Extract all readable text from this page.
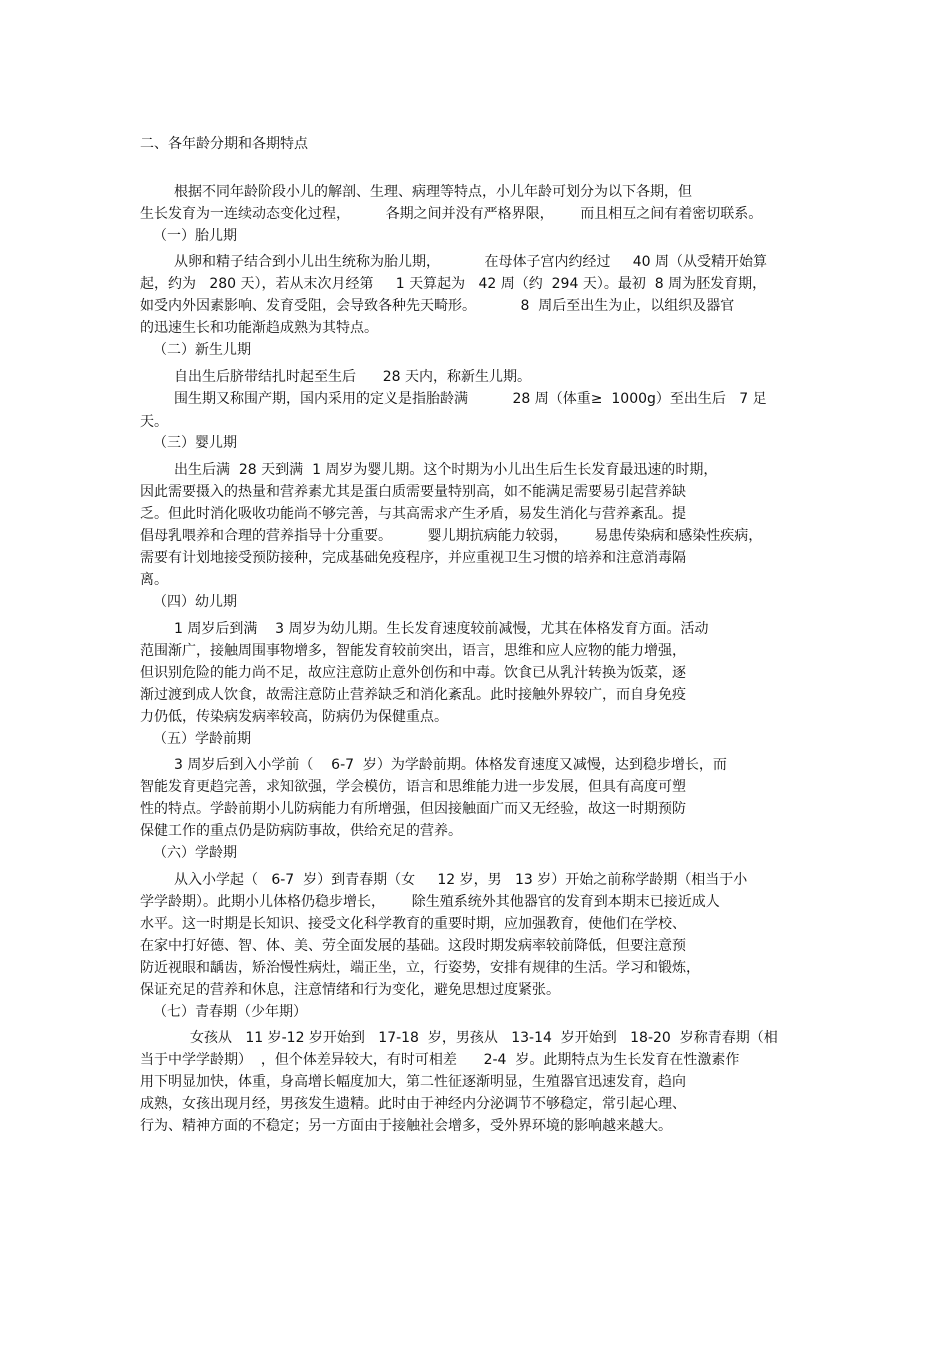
二、各年龄分期和各期特点
根据不同年龄阶段小儿的解剖、生理、病理等特点，小儿年龄可划分为以下各期，但
生长发育为一连续动态变化过程，        各期之间并没有严格界限，      而且相互之间有着密切联系。
（一）胎儿期
从卵和精子结合到小儿出生统称为胎儿期，          在母体子宫内约经过     40 周（从受精开始算
起，约为   280 天），若从末次月经第     1 天算起为   42 周（约  294 天）。最初  8 周为胚发育期，
如受内外因素影响、发育受阻，会导致各种先天畸形。          8  周后至出生为止，以组织及器官
的迅速生长和功能渐趋成熟为其特点。
（二）新生儿期
自出生后脐带结扎时起至生后      28 天内，称新生儿期。
围生期又称围产期，国内采用的定义是指胎龄满          28 周（体重≥  1000g）至出生后   7 足
天。
（三）婴儿期
出生后满  28 天到满  1 周岁为婴儿期。这个时期为小儿出生后生长发育最迅速的时期，
因此需要摄入的热量和营养素尤其是蛋白质需要量特别高，如不能满足需要易引起营养缺
乏。但此时消化吸收功能尚不够完善，与其高需求产生矛盾，易发生消化与营养紊乱。提
倡母乳喂养和合理的营养指导十分重要。        婴儿期抗病能力较弱，      易患传染病和感染性疾病，
需要有计划地接受预防接种，完成基础免疫程序，并应重视卫生习惯的培养和注意消毒隔
离。
（四）幼儿期
1 周岁后到满    3 周岁为幼儿期。生长发育速度较前减慢，尤其在体格发育方面。活动
范围渐广，接触周围事物增多，智能发育较前突出，语言，思维和应人应物的能力增强，
但识别危险的能力尚不足，故应注意防止意外创伤和中毒。饮食已从乳汁转换为饭菜，逐
渐过渡到成人饮食，故需注意防止营养缺乏和消化紊乱。此时接触外界较广，而自身免疫
力仍低，传染病发病率较高，防病仍为保健重点。
（五）学龄前期
3 周岁后到入小学前（    6-7  岁）为学龄前期。体格发育速度又减慢，达到稳步增长，而
智能发育更趋完善，求知欲强，学会模仿，语言和思维能力进一步发展，但具有高度可塑
性的特点。学龄前期小儿防病能力有所增强，但因接触面广而又无经验，故这一时期预防
保健工作的重点仍是防病防事故，供给充足的营养。
（六）学龄期
从入小学起（   6-7  岁）到青春期（女     12 岁，男   13 岁）开始之前称学龄期（相当于小
学学龄期）。此期小儿体格仍稳步增长，      除生殖系统外其他器官的发育到本期末已接近成人
水平。这一时期是长知识、接受文化科学教育的重要时期，应加强教育，使他们在学校、
在家中打好德、智、体、美、劳全面发展的基础。这段时期发病率较前降低，但要注意预
防近视眼和龋齿，矫治慢性病灶，端正坐，立，行姿势，安排有规律的生活。学习和锻炼，
保证充足的营养和休息，注意情绪和行为变化，避免思想过度紧张。
（七）青春期（少年期）
女孩从   11 岁-12 岁开始到   17-18  岁，男孩从   13-14  岁开始到   18-20  岁称青春期（相
当于中学学龄期）  ，但个体差异较大，有时可相差      2-4  岁。此期特点为生长发育在性激素作
用下明显加快，体重，身高增长幅度加大，第二性征逐渐明显，生殖器官迅速发育，趋向
成熟，女孩出现月经，男孩发生遗精。此时由于神经内分泌调节不够稳定，常引起心理、
行为、精神方面的不稳定；另一方面由于接触社会增多，受外界环境的影响越来越大。
